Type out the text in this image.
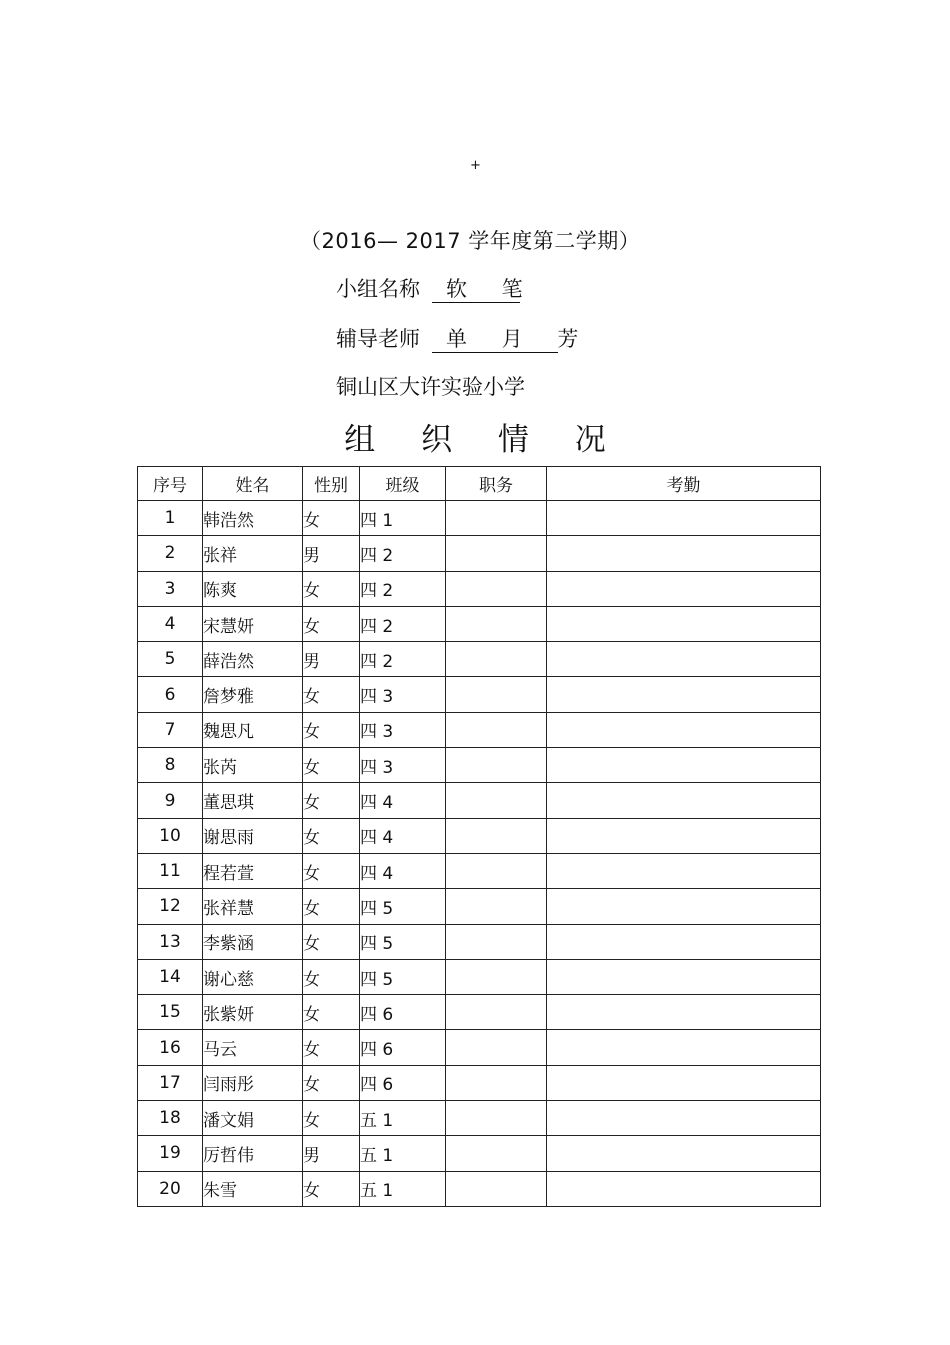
+
（2016— 2017 学年度第二学期）
小组名称 软 笔
辅导老师 单 月 芳
铜山区大许实验小学
组 织 情 况
序号	姓名	性别	班级	职务	考勤
1	韩浩然	女	四 1		
2	张祥	男	四 2		
3	陈爽	女	四 2		
4	宋慧妍	女	四 2		
5	薛浩然	男	四 2		
6	詹梦雅	女	四 3		
7	魏思凡	女	四 3		
8	张芮	女	四 3		
9	董思琪	女	四 4		
10	谢思雨	女	四 4		
11	程若萱	女	四 4		
12	张祥慧	女	四 5		
13	李紫涵	女	四 5		
14	谢心慈	女	四 5		
15	张紫妍	女	四 6		
16	马云	女	四 6		
17	闫雨彤	女	四 6		
18	潘文娟	女	五 1		
19	厉哲伟	男	五 1		
20	朱雪	女	五 1		
